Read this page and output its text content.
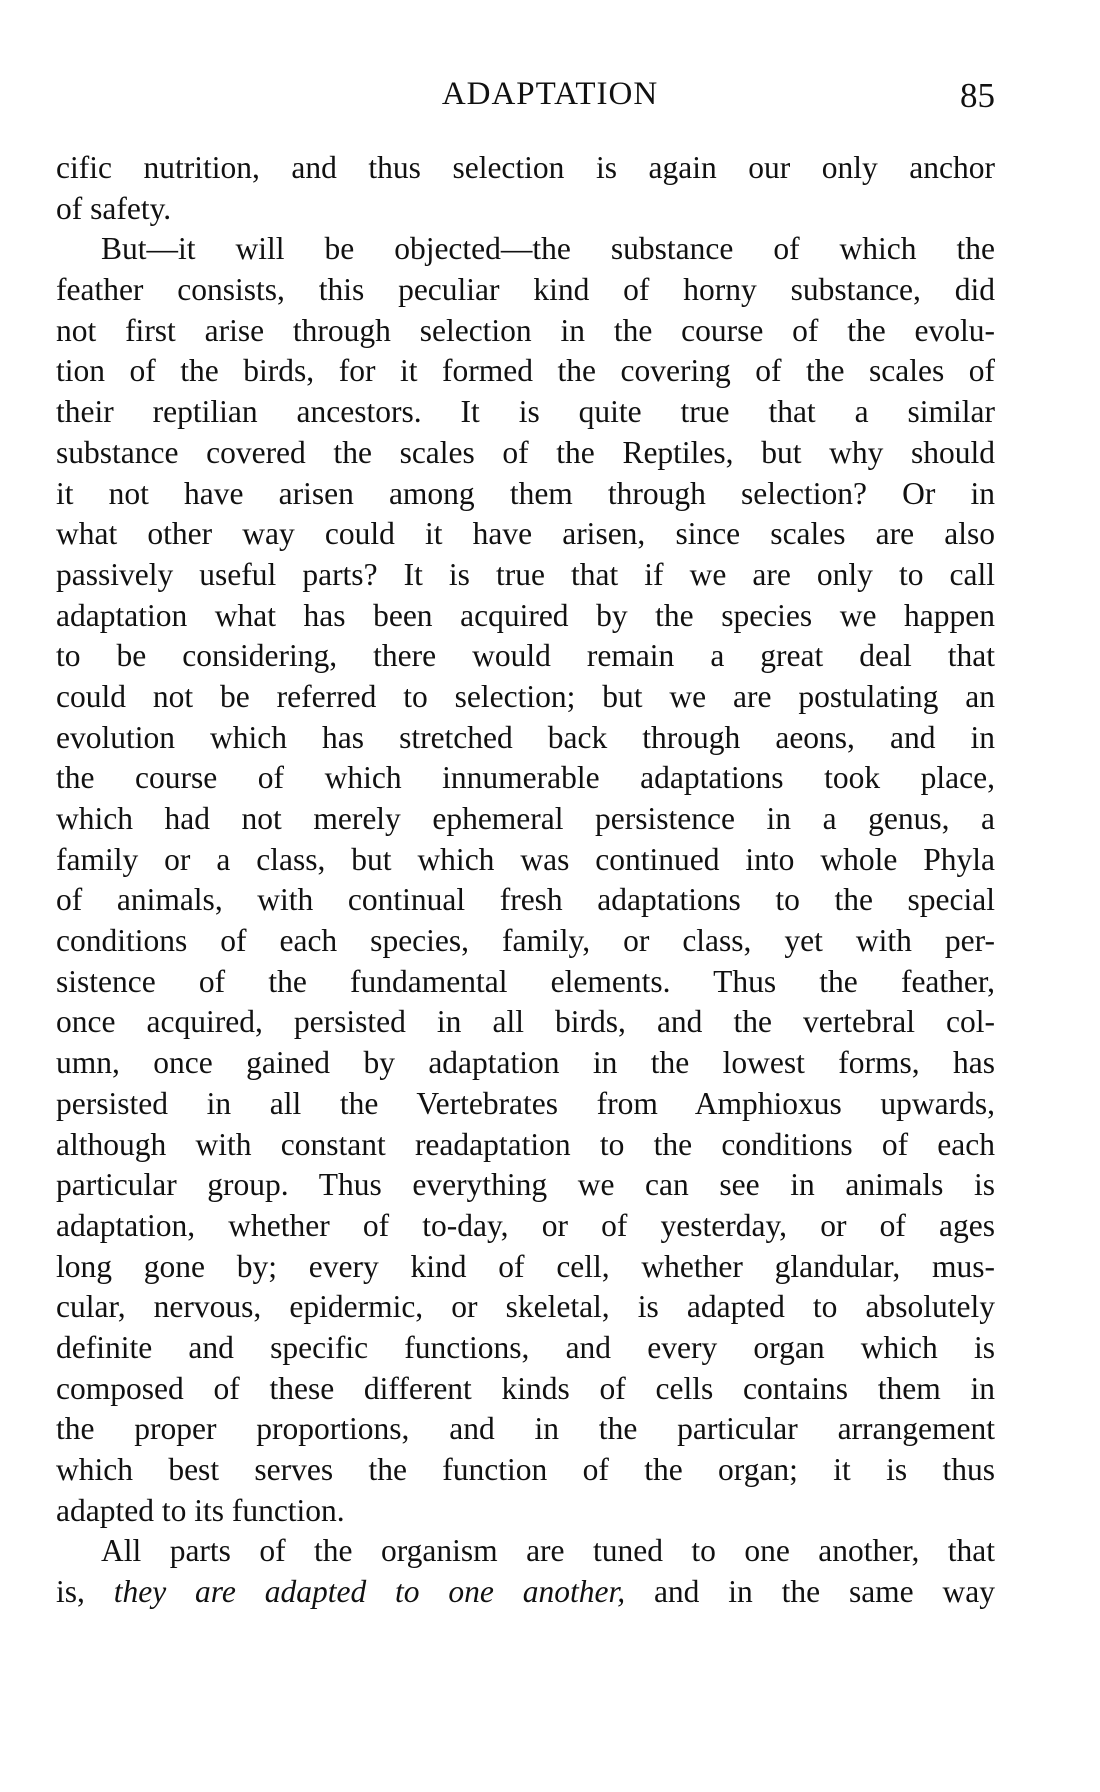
ADAPTATION	85
cific nutrition, and thus selection is again our only anchor
of safety.
But—it will be objected—the substance of which the
feather consists, this peculiar kind of horny substance, did
not first arise through selection in the course of the evolu-
tion of the birds, for it formed the covering of the scales of
their reptilian ancestors. It is quite true that a similar
substance covered the scales of the Reptiles, but why should
it not have arisen among them through selection? Or in
what other way could it have arisen, since scales are also
passively useful parts? It is true that if we are only to call
adaptation what has been acquired by the species we happen
to be considering, there would remain a great deal that
could not be referred to selection; but we are postulating an
evolution which has stretched back through aeons, and in
the course of which innumerable adaptations took place,
which had not merely ephemeral persistence in a genus, a
family or a class, but which was continued into whole Phyla
of animals, with continual fresh adaptations to the special
conditions of each species, family, or class, yet with per-
sistence of the fundamental elements. Thus the feather,
once acquired, persisted in all birds, and the vertebral col-
umn, once gained by adaptation in the lowest forms, has
persisted in all the Vertebrates from Amphioxus upwards,
although with constant readaptation to the conditions of each
particular group. Thus everything we can see in animals is
adaptation, whether of to-day, or of yesterday, or of ages
long gone by; every kind of cell, whether glandular, mus-
cular, nervous, epidermic, or skeletal, is adapted to absolutely
definite and specific functions, and every organ which is
composed of these different kinds of cells contains them in
the proper proportions, and in the particular arrangement
which best serves the function of the organ; it is thus
adapted to its function.
All parts of the organism are tuned to one another, that
is, they are adapted to one another, and in the same way
